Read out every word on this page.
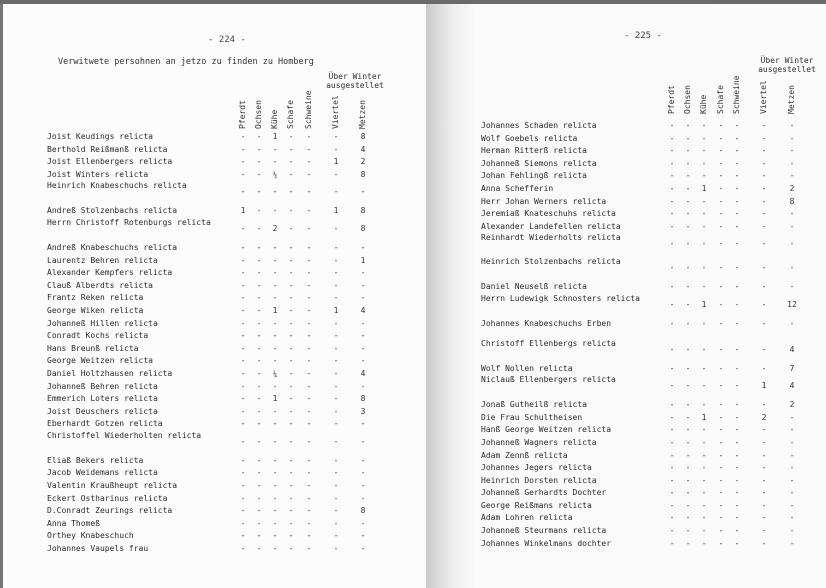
- 224 -
Verwitwete persohnen an jetzo zu finden zu Homberg
Über Winter
ausgestellet
Pferdt Ochsen Kühe Schafe Schweine Viertel Metzen
Joist Keudings relicta	-	-	1	-	-	-	8
Berthold Reißmanß relicta	-	-	-	-	-	-	4
Joist Ellenbergers relicta	-	-	-	-	-	1	2
Joist Winters relicta	-	-	½	-	-	-	8
Heinrich Knabeschuchs relicta
-	-	-	-	-	-	-
Andreß Stolzenbachs relicta	1	-	-	-	-	1	8
Herrn Christoff Rotenburgs relicta
-	-	2	-	-	-	8
Andreß Knabeschuchs relicta	-	-	-	-	-	-	-
Laurentz Behren relicta	-	-	-	-	-	-	1
Alexander Kempfers relicta	-	-	-	-	-	-	-
Clauß Alberdts relicta	-	-	-	-	-	-	-
Frantz Reken relicta	-	-	-	-	-	-	-
George Wiken relicta	-	-	1	-	-	1	4
Johanneß Hillen relicta	-	-	-	-	-	-	-
Conradt Kochs relicta	-	-	-	-	-	-	-
Hans Breunß relicta	-	-	-	-	-	-	-
George Weitzen relicta	-	-	-	-	-	-	-
Daniel Holtzhausen relicta	-	-	¼	-	-	-	4
Johanneß Behren relicta	-	-	-	-	-	-	-
Emmerich Loters relicta	-	-	1	-	-	-	8
Joist Deuschers relicta	-	-	-	-	-	-	3
Eberhardt Gotzen relicta	-	-	-	-	-	-	-
Christoffel Wiederholten relicta
-	-	-	-	-	-	-
Eliaß Bekers relicta	-	-	-	-	-	-	-
Jacob Weidemans relicta	-	-	-	-	-	-	-
Valentin Kraußheupt relicta	-	-	-	-	-	-	-
Eckert Ostharinus relicta	-	-	-	-	-	-	-
D.Conradt Zeurings relicta	-	-	-	-	-	-	8
Anna Thomeß	-	-	-	-	-	-	-
Orthey Knabeschuch	-	-	-	-	-	-	-
Johannes Vaupels frau	-	-	-	-	-	-	-
- 225 -
Über Winter
ausgestellet
Pferdt Ochsen Kühe Schafe Schweine Viertel Metzen
Johannes Schaden relicta	-	-	-	-	-	-	-
Wolf Goebels relicta	-	-	-	-	-	-	-
Herman Ritterß relicta	-	-	-	-	-	-	-
Johanneß Siemons relicta	-	-	-	-	-	-	-
Johan Fehlingß relicta	-	-	-	-	-	-	-
Anna Schefferin	-	-	1	-	-	-	2
Herr Johan Werners relicta	-	-	-	-	-	-	8
Jeremiaß Knateschuhs relicta	-	-	-	-	-	-	-
Alexander Landefellen relicta	-	-	-	-	-	-	-
Reinhardt Wiederholts relicta
-	-	-	-	-	-	-
Heinrich Stolzenbachs relicta
-	-	-	-	-	-	-
Daniel Neuselß relicta	-	-	-	-	-	-	-
Herrn Ludewigk Schnosters relicta
-	-	1	-	-	-	12
Johannes Knabeschuchs Erben	-	-	-	-	-	-	-
Christoff Ellenbergs relicta
-	-	-	-	-	-	4
Wolf Nollen relicta	-	-	-	-	-	-	7
Niclauß Ellenbergers relicta
-	-	-	-	-	1	4
Jonaß Gutheilß relicta	-	-	-	-	-	-	2
Die Frau Schultheisen	-	-	1	-	-	2	-
Hanß George Weitzen relicta	-	-	-	-	-	-	-
Johanneß Wagners relicta	-	-	-	-	-	-	-
Adam Zennß relicta	-	-	-	-	-	-	-
Johannes Jegers relicta	-	-	-	-	-	-	-
Heinrich Dorsten relicta	-	-	-	-	-	-	-
Johanneß Gerhardts Dochter	-	-	-	-	-	-	-
George Reißmans relicta	-	-	-	-	-	-	-
Adam Lohren relicta	-	-	-	-	-	-	-
Johanneß Steurmans relicta	-	-	-	-	-	-	-
Johannes Winkelmans dochter	-	-	-	-	-	-	-
